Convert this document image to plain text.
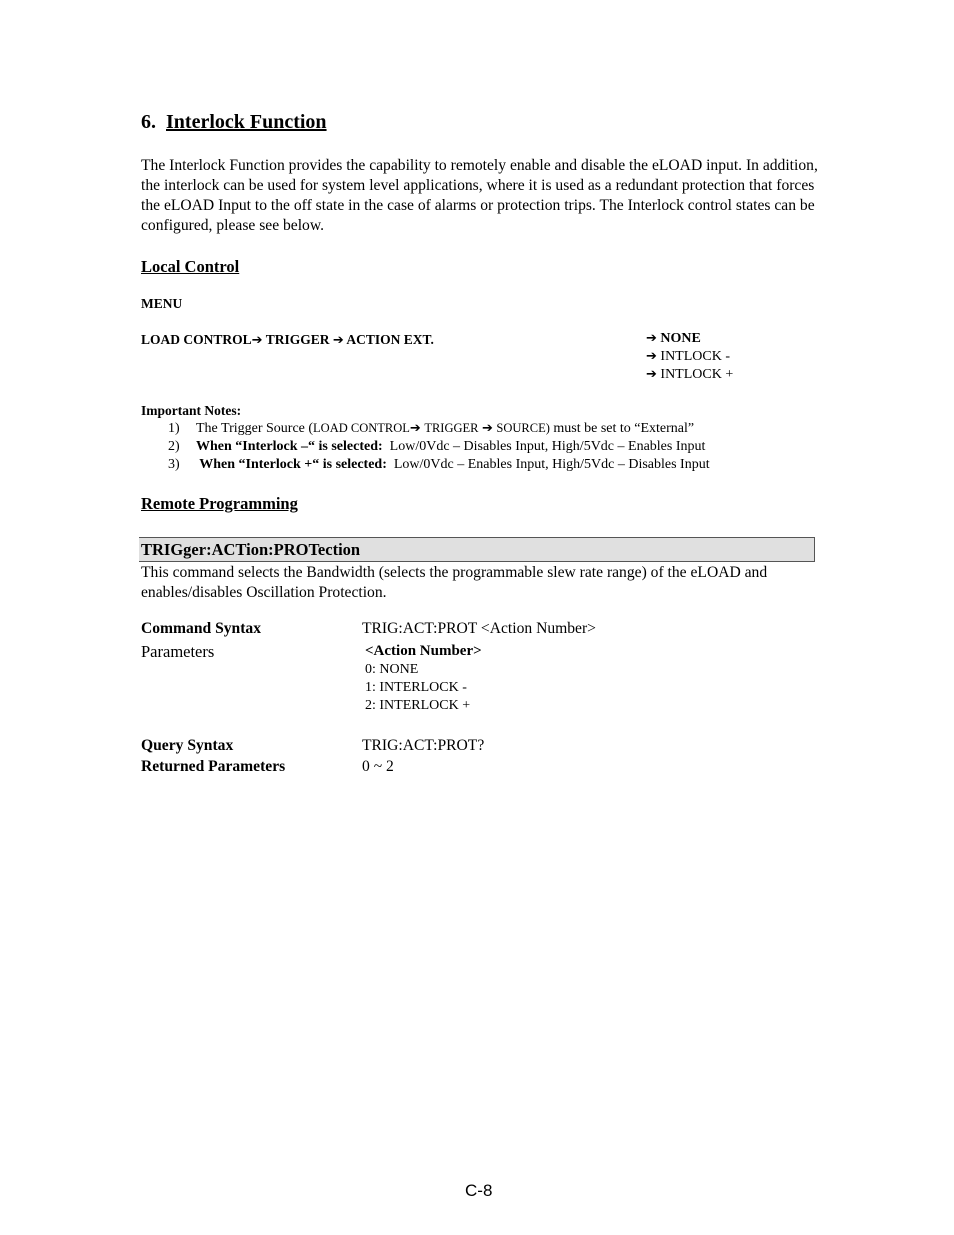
6. Interlock Function
The Interlock Function provides the capability to remotely enable and disable the eLOAD input. In addition, the interlock can be used for system level applications, where it is used as a redundant protection that forces the eLOAD Input to the off state in the case of alarms or protection trips. The Interlock control states can be configured, please see below.
Local Control
MENU
LOAD CONTROL➔ TRIGGER ➔ ACTION EXT.	➔ NONE
➔ INTLOCK -
➔ INTLOCK +
Important Notes:
1) The Trigger Source (LOAD CONTROL➔ TRIGGER ➔ SOURCE) must be set to “External”
2) When “Interlock –“ is selected:  Low/0Vdc – Disables Input, High/5Vdc – Enables Input
3) When “Interlock +“ is selected:  Low/0Vdc – Enables Input, High/5Vdc – Disables Input
Remote Programming
TRIGger:ACTion:PROTection
This command selects the Bandwidth (selects the programmable slew rate range) of the eLOAD and enables/disables Oscillation Protection.
Command Syntax	TRIG:ACT:PROT <Action Number>
Parameters	<Action Number>
0: NONE
1: INTERLOCK -
2: INTERLOCK +
Query Syntax	TRIG:ACT:PROT?
Returned Parameters	0 ~ 2
C-8
